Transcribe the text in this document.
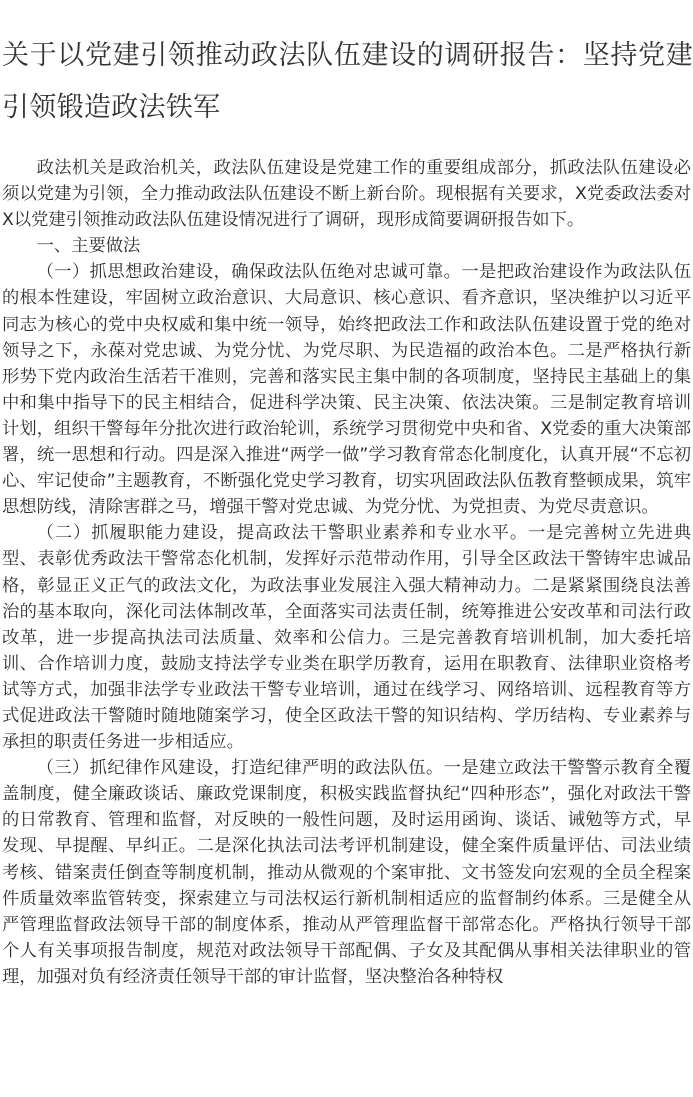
关于以党建引领推动政法队伍建设的调研报告：坚持党建引领锻造政法铁军

政法机关是政治机关，政法队伍建设是党建工作的重要组成部分，抓政法队伍建设必须以党建为引领，全力推动政法队伍建设不断上新台阶。现根据有关要求，X党委政法委对X以党建引领推动政法队伍建设情况进行了调研，现形成简要调研报告如下。

一、主要做法

（一）抓思想政治建设，确保政法队伍绝对忠诚可靠。一是把政治建设作为政法队伍的根本性建设，牢固树立政治意识、大局意识、核心意识、看齐意识，坚决维护以习近平同志为核心的党中央权威和集中统一领导，始终把政法工作和政法队伍建设置于党的绝对领导之下，永葆对党忠诚、为党分忧、为党尽职、为民造福的政治本色。二是严格执行新形势下党内政治生活若干准则，完善和落实民主集中制的各项制度，坚持民主基础上的集中和集中指导下的民主相结合，促进科学决策、民主决策、依法决策。三是制定教育培训计划，组织干警每年分批次进行政治轮训，系统学习贯彻党中央和省、X党委的重大决策部署，统一思想和行动。四是深入推进“两学一做”学习教育常态化制度化，认真开展“不忘初心、牢记使命”主题教育，不断强化党史学习教育，切实巩固政法队伍教育整顿成果，筑牢思想防线，清除害群之马，增强干警对党忠诚、为党分忧、为党担责、为党尽责意识。

（二）抓履职能力建设，提高政法干警职业素养和专业水平。一是完善树立先进典型、表彰优秀政法干警常态化机制，发挥好示范带动作用，引导全区政法干警铸牢忠诚品格，彰显正义正气的政法文化，为政法事业发展注入强大精神动力。二是紧紧围绕良法善治的基本取向，深化司法体制改革，全面落实司法责任制，统筹推进公安改革和司法行政改革，进一步提高执法司法质量、效率和公信力。三是完善教育培训机制，加大委托培训、合作培训力度，鼓励支持法学专业类在职学历教育，运用在职教育、法律职业资格考试等方式，加强非法学专业政法干警专业培训，通过在线学习、网络培训、远程教育等方式促进政法干警随时随地随案学习，使全区政法干警的知识结构、学历结构、专业素养与承担的职责任务进一步相适应。

（三）抓纪律作风建设，打造纪律严明的政法队伍。一是建立政法干警警示教育全覆盖制度，健全廉政谈话、廉政党课制度，积极实践监督执纪“四种形态”，强化对政法干警的日常教育、管理和监督，对反映的一般性问题，及时运用函询、谈话、诫勉等方式，早发现、早提醒、早纠正。二是深化执法司法考评机制建设，健全案件质量评估、司法业绩考核、错案责任倒查等制度机制，推动从微观的个案审批、文书签发向宏观的全员全程案件质量效率监管转变，探索建立与司法权运行新机制相适应的监督制约体系。三是健全从严管理监督政法领导干部的制度体系，推动从严管理监督干部常态化。严格执行领导干部个人有关事项报告制度，规范对政法领导干部配偶、子女及其配偶从事相关法律职业的管理，加强对负有经济责任领导干部的审计监督，坚决整治各种特权
